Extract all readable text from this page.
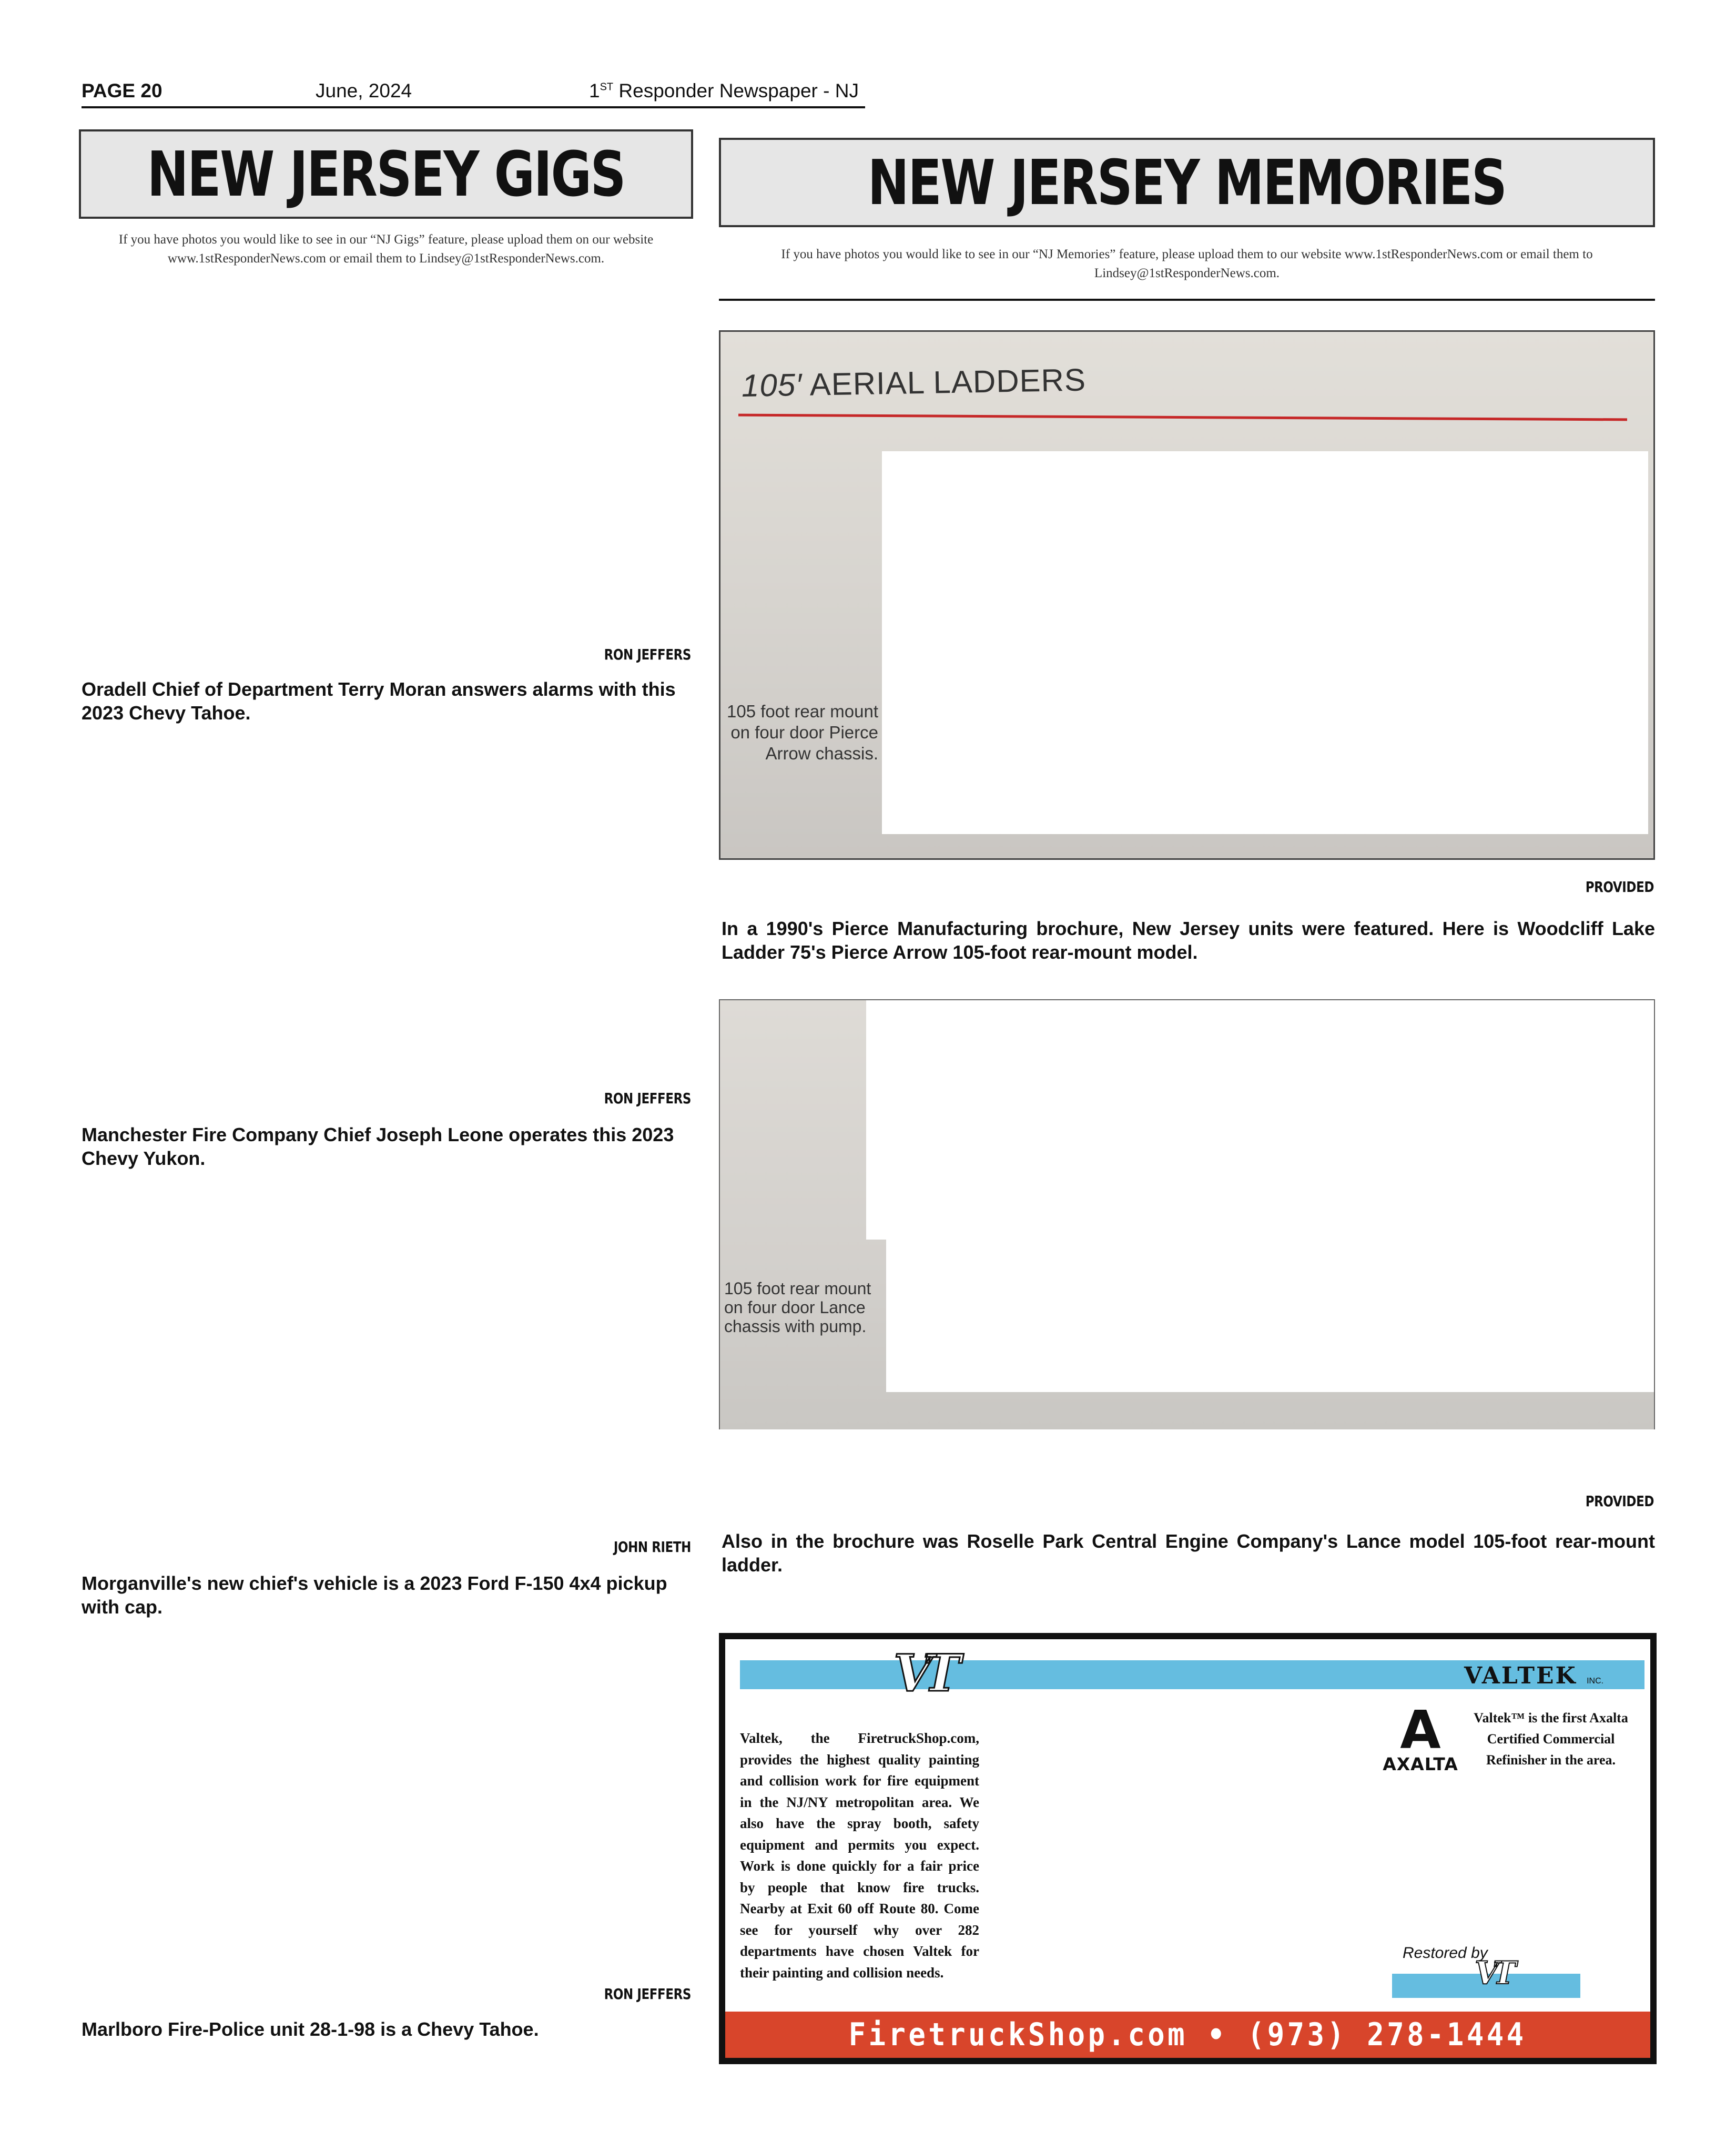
PAGE 20	June, 2024	1ST Responder Newspaper - NJ
NEW JERSEY GIGS
If you have photos you would like to see in our “NJ Gigs” feature, please upload them on our website www.1stResponderNews.com or email them to Lindsey@1stResponderNews.com.
RON JEFFERS
Oradell Chief of Department Terry Moran answers alarms with this 2023 Chevy Tahoe.
RON JEFFERS
Manchester Fire Company Chief Joseph Leone operates this 2023 Chevy Yukon.
JOHN RIETH
Morganville's new chief's vehicle is a 2023 Ford F-150 4x4 pickup with cap.
RON JEFFERS
Marlboro Fire-Police unit 28-1-98 is a Chevy Tahoe.
NEW JERSEY MEMORIES
If you have photos you would like to see in our “NJ Memories” feature, please upload them to our website www.1stResponderNews.com or email them to Lindsey@1stResponderNews.com.
105′ AERIAL LADDERS
105 foot rear mount on four door Pierce Arrow chassis.
PROVIDED
In a 1990's Pierce Manufacturing brochure, New Jersey units were featured. Here is Woodcliff Lake Ladder 75's Pierce Arrow 105-foot rear-mount model.
105 foot rear mount on four door Lance chassis with pump.
PROVIDED
Also in the brochure was Roselle Park Central Engine Company's Lance model 105-foot rear-mount ladder.
VT	VALTEK INC.
Valtek, the FiretruckShop.com, provides the highest quality painting and collision work for fire equipment in the NJ/NY metropolitan area. We also have the spray booth, safety equipment and permits you expect. Work is done quickly for a fair price by people that know fire trucks. Nearby at Exit 60 off Route 80. Come see for yourself why over 282 departments have chosen Valtek for their painting and collision needs.
A
AXALTA
Valtek™ is the first Axalta Certified Commercial Refinisher in the area.
Restored by
VT
FiretruckShop.com • (973) 278-1444
